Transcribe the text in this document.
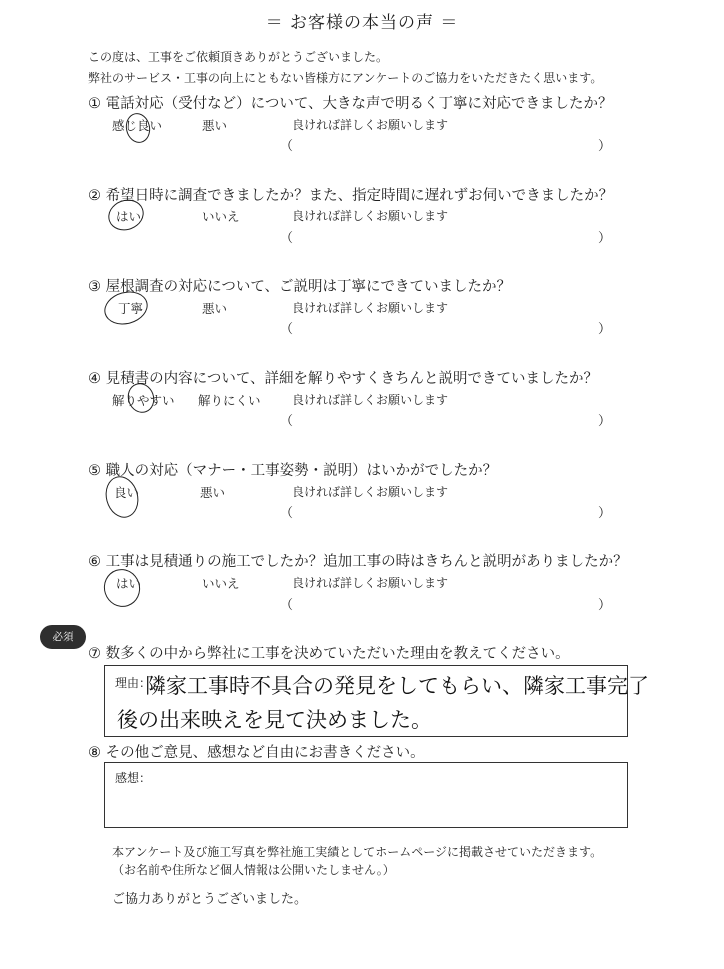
＝ お客様の本当の声 ＝
この度は、工事をご依頼頂きありがとうございました。
弊社のサービス・工事の向上にともない皆様方にアンケートのご協力をいただきたく思います。
① 電話対応（受付など）について、大きな声で明るく丁寧に対応できましたか？
感じ良い	悪い	良ければ詳しくお願いします
（	）
② 希望日時に調査できましたか？また、指定時間に遅れずお伺いできましたか？
はい	いいえ	良ければ詳しくお願いします
（	）
③ 屋根調査の対応について、ご説明は丁寧にできていましたか？
丁寧	悪い	良ければ詳しくお願いします
（	）
④ 見積書の内容について、詳細を解りやすくきちんと説明できていましたか？
解りやすい 解りにくい	良ければ詳しくお願いします
（	）
⑤ 職人の対応（マナー・工事姿勢・説明）はいかがでしたか？
良い	悪い	良ければ詳しくお願いします
（	）
⑥ 工事は見積通りの施工でしたか？追加工事の時はきちんと説明がありましたか？
はい	いいえ	良ければ詳しくお願いします
（	）
必須
⑦ 数多くの中から弊社に工事を決めていただいた理由を教えてください。
理由：
隣家工事時不具合の発見をしてもらい、隣家工事完了
後の出来映えを見て決めました。
⑧ その他ご意見、感想など自由にお書きください。
感想：
本アンケート及び施工写真を弊社施工実績としてホームページに掲載させていただきます。
（お名前や住所など個人情報は公開いたしません。）
ご協力ありがとうございました。
